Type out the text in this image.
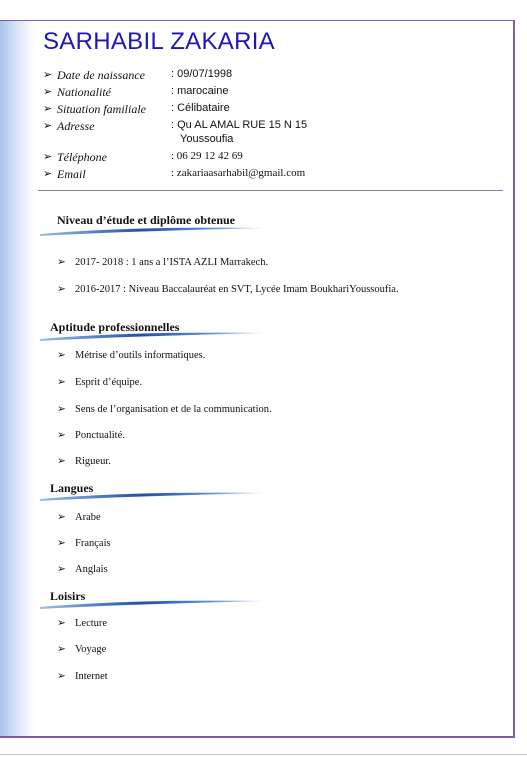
SARHABIL ZAKARIA
➢ Date de naissance : 09/07/1998
➢ Nationalité	: marocaine
➢ Situation familiale : Célibataire
➢ Adresse	: Qu AL AMAL RUE 15 N 15
Youssoufia
➢ Téléphone	: 06 29 12 42 69
➢ Email	: zakariaasarhabil@gmail.com
Niveau d’étude et diplôme obtenue
➢ 2017- 2018 : 1 ans a l’ISTA AZLI Marrakech.
➢ 2016-2017 : Niveau Baccalauréat en SVT, Lycée Imam BoukhariYoussoufia.
Aptitude professionnelles
➢ Métrise d’outils informatiques.
➢ Esprit d’équipe.
➢ Sens de l’organisation et de la communication.
➢ Ponctualité.
➢ Rigueur.
Langues
➢ Arabe
➢ Français
➢ Anglais
Loisirs
➢ Lecture
➢ Voyage
➢ Internet
